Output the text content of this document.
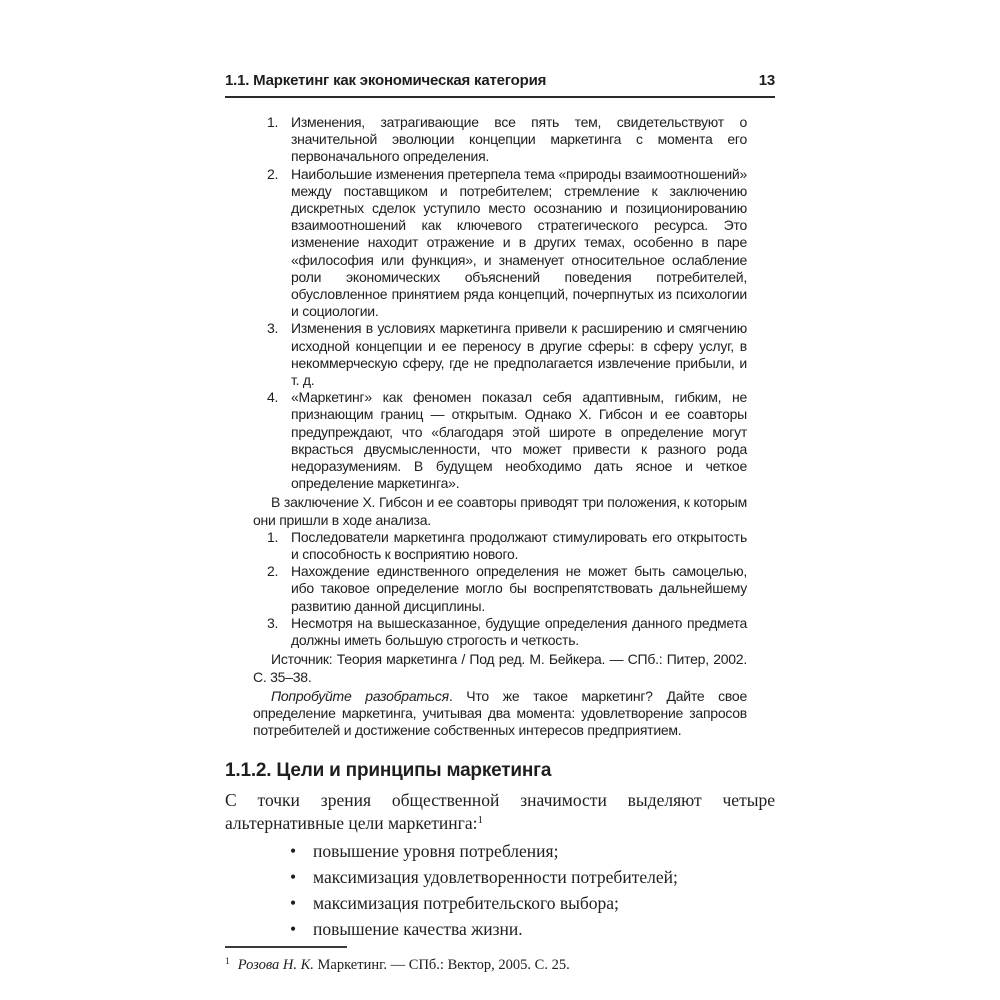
1.1. Маркетинг как экономическая категория	13
Изменения, затрагивающие все пять тем, свидетельствуют о значительной эволюции концепции маркетинга с момента его первоначального определения.
Наибольшие изменения претерпела тема «природы взаимоотношений» между поставщиком и потребителем; стремление к заключению дискретных сделок уступило место осознанию и позиционированию взаимоотношений как ключевого стратегического ресурса. Это изменение находит отражение и в других темах, особенно в паре «философия или функция», и знаменует относительное ослабление роли экономических объяснений поведения потребителей, обусловленное принятием ряда концепций, почерпнутых из психологии и социологии.
Изменения в условиях маркетинга привели к расширению и смягчению исходной концепции и ее переносу в другие сферы: в сферу услуг, в некоммерческую сферу, где не предполагается извлечение прибыли, и т. д.
«Маркетинг» как феномен показал себя адаптивным, гибким, не признающим границ — открытым. Однако Х. Гибсон и ее соавторы предупреждают, что «благодаря этой широте в определение могут вкрасться двусмысленности, что может привести к разного рода недоразумениям. В будущем необходимо дать ясное и четкое определение маркетинга».

В заключение Х. Гибсон и ее соавторы приводят три положения, к которым они пришли в ходе анализа.

Последователи маркетинга продолжают стимулировать его открытость и способность к восприятию нового.
Нахождение единственного определения не может быть самоцелью, ибо таковое определение могло бы воспрепятствовать дальнейшему развитию данной дисциплины.
Несмотря на вышесказанное, будущие определения данного предмета должны иметь большую строгость и четкость.

Источник: Теория маркетинга / Под ред. М. Бейкера. — СПб.: Питер, 2002. С. 35–38.

Попробуйте разобраться. Что же такое маркетинг? Дайте свое определение маркетинга, учитывая два момента: удовлетворение запросов потребителей и достижение собственных интересов предприятием.

1.1.2. Цели и принципы маркетинга

С точки зрения общественной значимости выделяют четыре альтернативные цели маркетинга:$^1$

• повышение уровня потребления;
• максимизация удовлетворенности потребителей;
• максимизация потребительского выбора;
• повышение качества жизни.

$^1$ Розова Н. К. Маркетинг. — СПб.: Вектор, 2005. С. 25.
